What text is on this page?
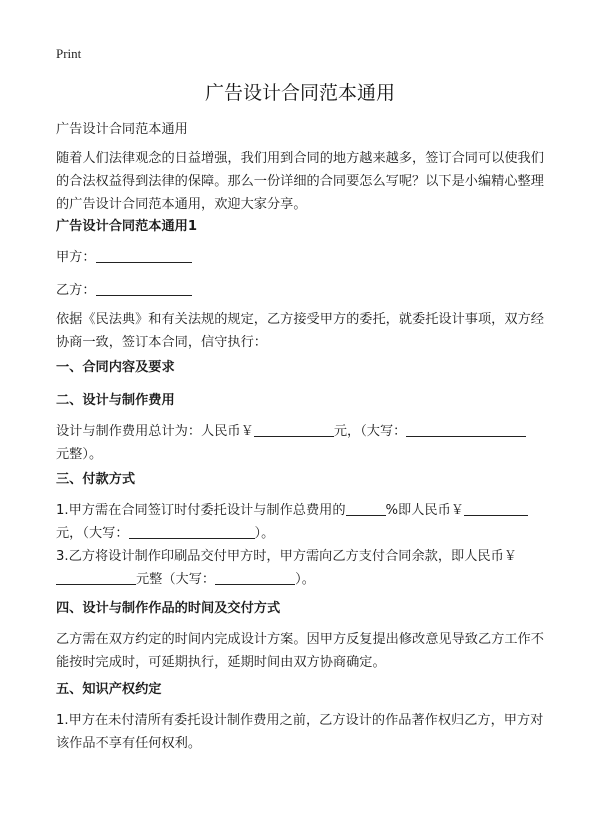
Print
广告设计合同范本通用
广告设计合同范本通用
随着人们法律观念的日益增强，我们用到合同的地方越来越多，签订合同可以使我们的合法权益得到法律的保障。那么一份详细的合同要怎么写呢？以下是小编精心整理的广告设计合同范本通用，欢迎大家分享。
广告设计合同范本通用1
甲方：
乙方：
依据《民法典》和有关法规的规定，乙方接受甲方的委托，就委托设计事项，双方经协商一致，签订本合同，信守执行：
一、合同内容及要求
二、设计与制作费用
设计与制作费用总计为：人民币￥	元，（大写：
元整）。
三、付款方式
1.甲方需在合同签订时付委托设计与制作总费用的	%即人民币￥
元，（大写：	）。
3.乙方将设计制作印刷品交付甲方时，甲方需向乙方支付合同余款，即人民币￥
元整（大写：	）。
四、设计与制作作品的时间及交付方式
乙方需在双方约定的时间内完成设计方案。因甲方反复提出修改意见导致乙方工作不能按时完成时，可延期执行，延期时间由双方协商确定。
五、知识产权约定
1.甲方在未付清所有委托设计制作费用之前，乙方设计的作品著作权归乙方，甲方对该作品不享有任何权利。
